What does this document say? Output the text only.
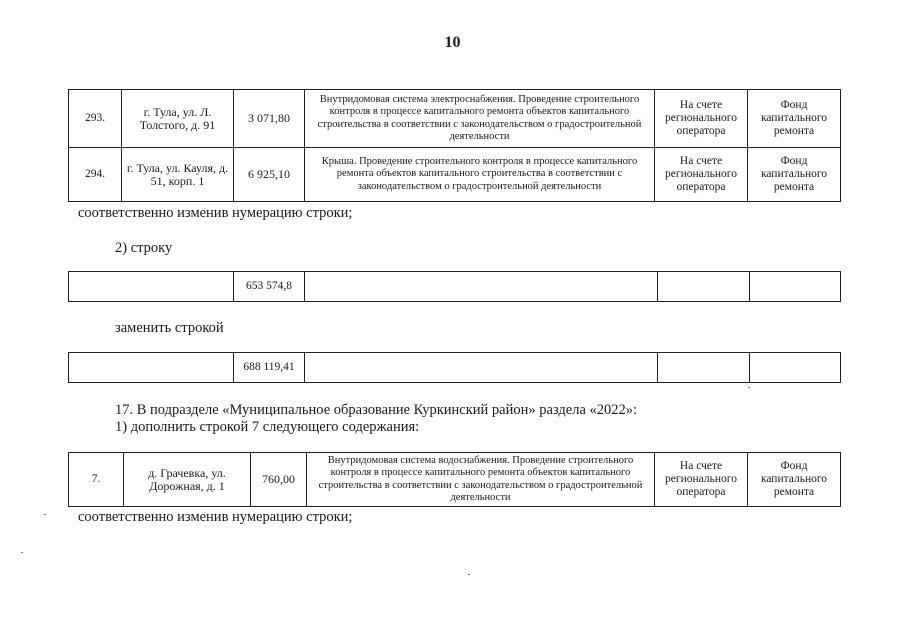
10
293.	г. Тула, ул. Л. Толстого, д. 91	3 071,80	Внутридомовая система электроснабжения. Проведение строительного контроля в процессе капитального ремонта объектов капитального строительства в соответствии с законодательством о градостроительной деятельности	На счете регионального оператора	Фонд капитального ремонта
294.	г. Тула, ул. Кауля, д. 51, корп. 1	6 925,10	Крыша. Проведение строительного контроля в процессе капитального ремонта объектов капитального строительства в соответствии с законодательством о градостроительной деятельности	На счете регионального оператора	Фонд капитального ремонта
соответственно изменив нумерацию строки;
2) строку
	653 574,8			
заменить строкой
	688 119,41			
17. В подразделе «Муниципальное образование Куркинский район» раздела «2022»:
1) дополнить строкой 7 следующего содержания:
7.	д. Грачевка, ул. Дорожная, д. 1	760,00	Внутридомовая система водоснабжения. Проведение строительного контроля в процессе капитального ремонта объектов капитального строительства в соответствии с законодательством о градостроительной деятельности	На счете регионального оператора	Фонд капитального ремонта
соответственно изменив нумерацию строки;
